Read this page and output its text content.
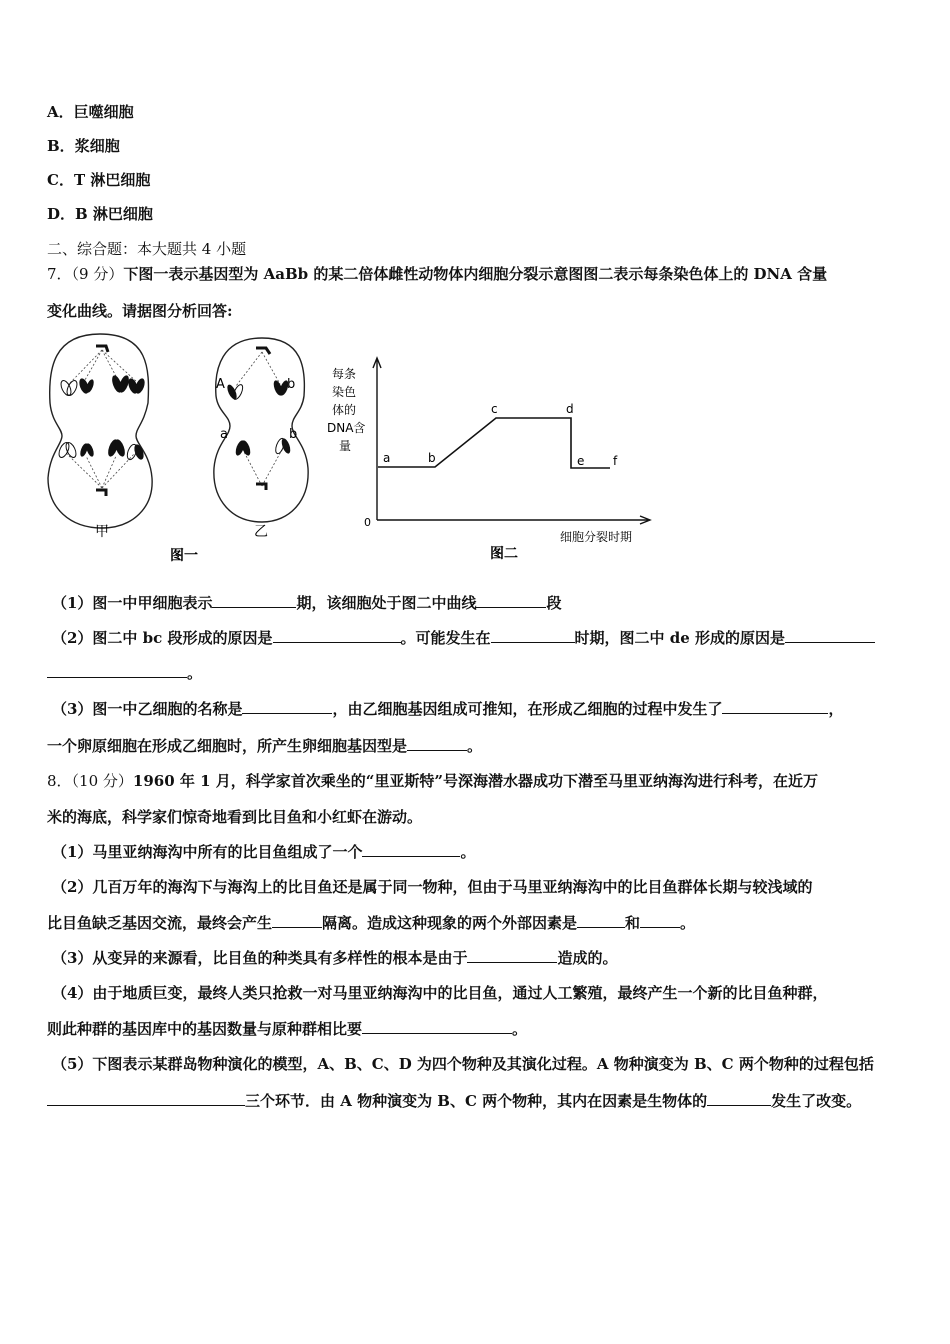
A．巨噬细胞
B．浆细胞
C．T 淋巴细胞
D．B 淋巴细胞
二、综合题：本大题共 4 小题
7．（9 分）下图一表示基因型为 AaBb 的某二倍体雌性动物体内细胞分裂示意图图二表示每条染色体上的 DNA 含量
变化曲线。请据图分析回答:
甲
图一
A	b
a	b
乙
每条
染色
体的
DNA含
量
0
a	b
c	d
e f
细胞分裂时期
图二
（1）图一中甲细胞表示	期，该细胞处于图二中曲线	段
（2）图二中 bc 段形成的原因是	。可能发生在	时期，图二中 de 形成的原因是
。
（3）图一中乙细胞的名称是	，由乙细胞基因组成可推知，在形成乙细胞的过程中发生了	，
一个卵原细胞在形成乙细胞时，所产生卵细胞基因型是	。
8．（10 分）1960 年 1 月，科学家首次乘坐的“里亚斯特”号深海潜水器成功下潜至马里亚纳海沟进行科考，在近万
米的海底，科学家们惊奇地看到比目鱼和小红虾在游动。
（1）马里亚纳海沟中所有的比目鱼组成了一个	。
（2）几百万年的海沟下与海沟上的比目鱼还是属于同一物种，但由于马里亚纳海沟中的比目鱼群体长期与较浅域的
比目鱼缺乏基因交流，最终会产生	隔离。造成这种现象的两个外部因素是	和	。
（3）从变异的来源看，比目鱼的种类具有多样性的根本是由于	造成的。
（4）由于地质巨变，最终人类只抢救一对马里亚纳海沟中的比目鱼，通过人工繁殖，最终产生一个新的比目鱼种群，
则此种群的基因库中的基因数量与原种群相比要	。
（5）下图表示某群岛物种演化的模型，A、B、C、D 为四个物种及其演化过程。A 物种演变为 B、C 两个物种的过程包括
三个环节．由 A 物种演变为 B、C 两个物种，其内在因素是生物体的	发生了改变。
